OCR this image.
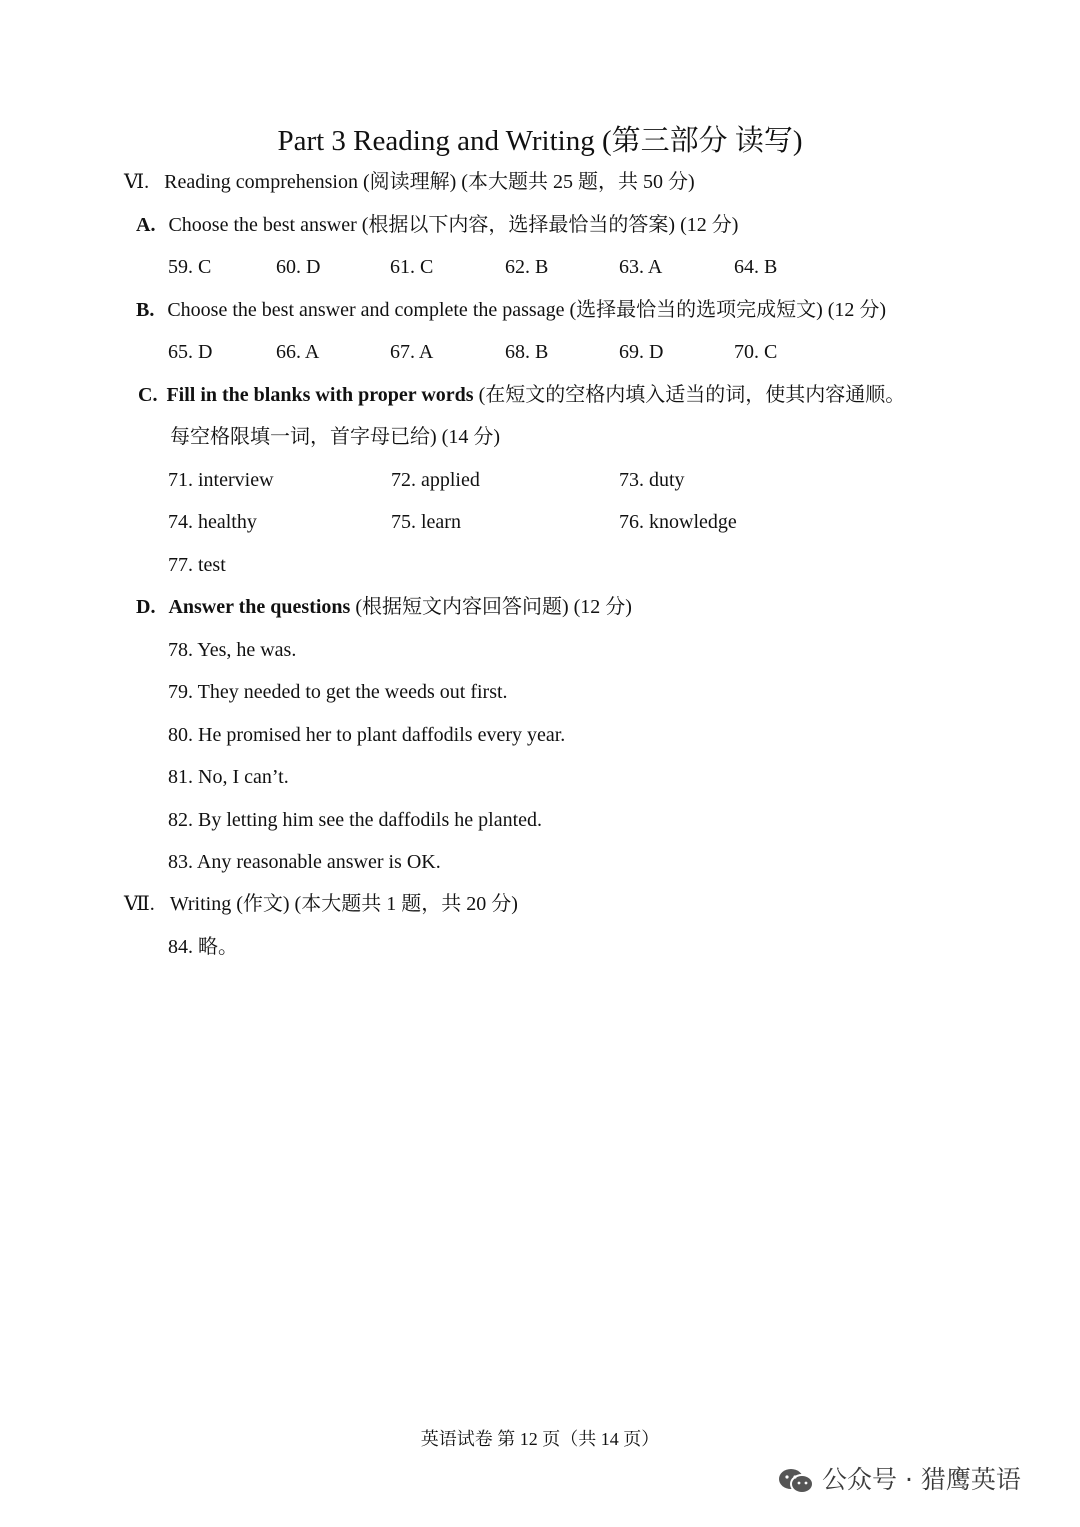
Part 3 Reading and Writing (第三部分 读写)
Ⅵ. Reading comprehension (阅读理解) (本大题共 25 题，共 50 分)
A. Choose the best answer (根据以下内容，选择最恰当的答案) (12 分)
59. C	60. D	61. C	62. B	63. A	64. B
B. Choose the best answer and complete the passage (选择最恰当的选项完成短文) (12 分)
65. D	66. A	67. A	68. B	69. D	70. C
C. Fill in the blanks with proper words (在短文的空格内填入适当的词，使其内容通顺。
每空格限填一词，首字母已给) (14 分)
71. interview	72. applied	73. duty
74. healthy	75. learn	76. knowledge
77. test
D. Answer the questions (根据短文内容回答问题) (12 分)
78. Yes, he was.
79. They needed to get the weeds out first.
80. He promised her to plant daffodils every year.
81. No, I can’t.
82. By letting him see the daffodils he planted.
83. Any reasonable answer is OK.
Ⅶ. Writing (作文) (本大题共 1 题，共 20 分)
84. 略。
英语试卷 第 12 页（共 14 页）
公众号 · 猎鹰英语
